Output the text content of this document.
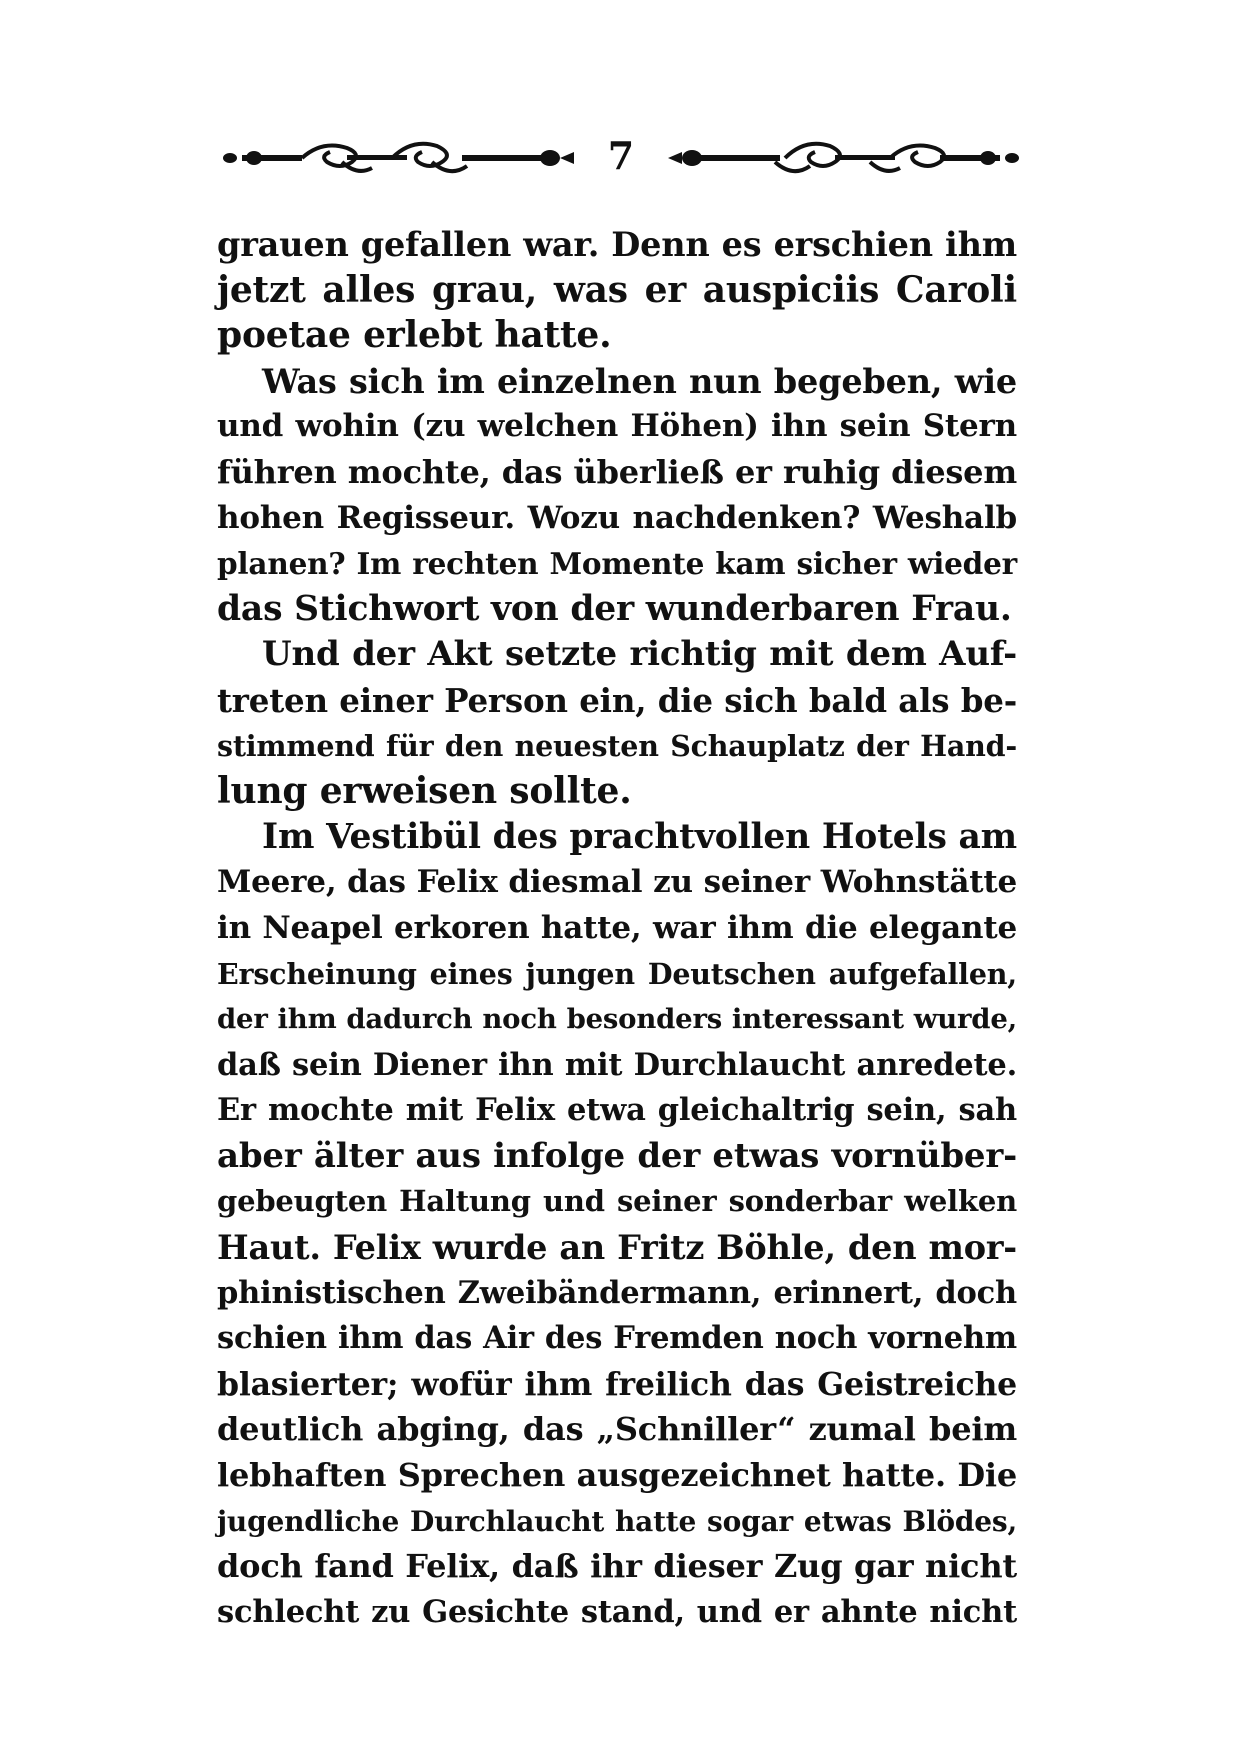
7
grauen gefallen war. Denn es erschien ihm
jetzt alles grau, was er auspiciis Caroli
poetae erlebt hatte.
Was sich im einzelnen nun begeben, wie
und wohin (zu welchen Höhen) ihn sein Stern
führen mochte, das überließ er ruhig diesem
hohen Regisseur. Wozu nachdenken? Weshalb
planen? Im rechten Momente kam sicher wieder
das Stichwort von der wunderbaren Frau.
Und der Akt setzte richtig mit dem Auf-
treten einer Person ein, die sich bald als be-
stimmend für den neuesten Schauplatz der Hand-
lung erweisen sollte.
Im Vestibül des prachtvollen Hotels am
Meere, das Felix diesmal zu seiner Wohnstätte
in Neapel erkoren hatte, war ihm die elegante
Erscheinung eines jungen Deutschen aufgefallen,
der ihm dadurch noch besonders interessant wurde,
daß sein Diener ihn mit Durchlaucht anredete.
Er mochte mit Felix etwa gleichaltrig sein, sah
aber älter aus infolge der etwas vornüber-
gebeugten Haltung und seiner sonderbar welken
Haut. Felix wurde an Fritz Böhle, den mor-
phinistischen Zweibändermann, erinnert, doch
schien ihm das Air des Fremden noch vornehm
blasierter; wofür ihm freilich das Geistreiche
deutlich abging, das „Schniller“ zumal beim
lebhaften Sprechen ausgezeichnet hatte. Die
jugendliche Durchlaucht hatte sogar etwas Blödes,
doch fand Felix, daß ihr dieser Zug gar nicht
schlecht zu Gesichte stand, und er ahnte nicht
